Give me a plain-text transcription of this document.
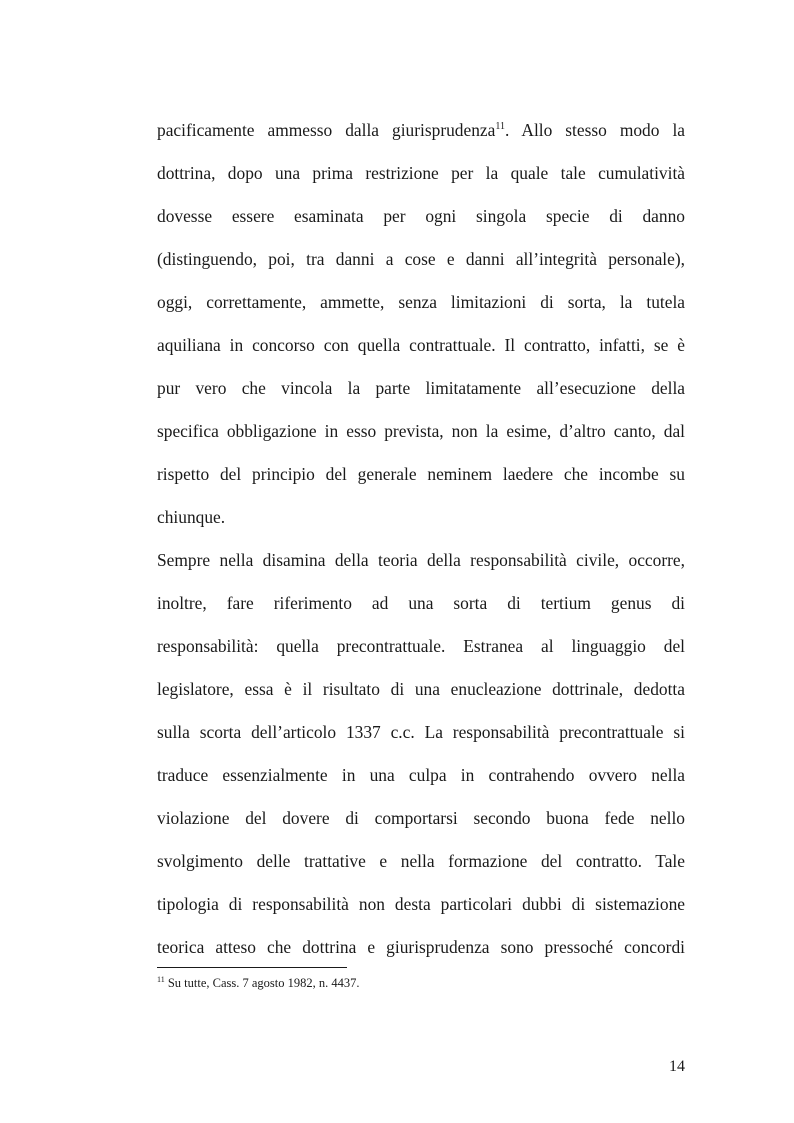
pacificamente ammesso dalla giurisprudenza$^{11}$. Allo stesso modo la
dottrina, dopo una prima restrizione per la quale tale cumulatività
dovesse essere esaminata per ogni singola specie di danno
(distinguendo, poi, tra danni a cose e danni all’integrità personale),
oggi, correttamente, ammette, senza limitazioni di sorta, la tutela
aquiliana in concorso con quella contrattuale. Il contratto, infatti, se è
pur vero che vincola la parte limitatamente all’esecuzione della
specifica obbligazione in esso prevista, non la esime, d’altro canto, dal
rispetto del principio del generale neminem laedere che incombe su
chiunque.
Sempre nella disamina della teoria della responsabilità civile, occorre,
inoltre, fare riferimento ad una sorta di tertium genus di
responsabilità: quella precontrattuale. Estranea al linguaggio del
legislatore, essa è il risultato di una enucleazione dottrinale, dedotta
sulla scorta dell’articolo 1337 c.c. La responsabilità precontrattuale si
traduce essenzialmente in una culpa in contrahendo ovvero nella
violazione del dovere di comportarsi secondo buona fede nello
svolgimento delle trattative e nella formazione del contratto. Tale
tipologia di responsabilità non desta particolari dubbi di sistemazione
teorica atteso che dottrina e giurisprudenza sono pressoché concordi
$^{11}$ Su tutte, Cass. 7 agosto 1982, n. 4437.
14
